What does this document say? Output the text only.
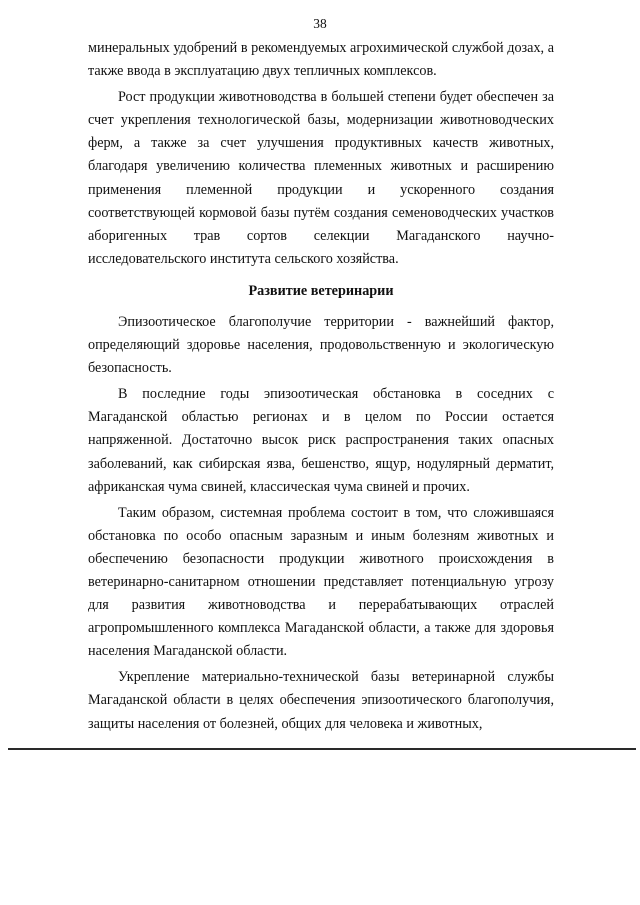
38

минеральных удобрений в рекомендуемых агрохимической службой дозах, а также ввода в эксплуатацию двух тепличных комплексов.

Рост продукции животноводства в большей степени будет обеспечен за счет укрепления технологической базы, модернизации животноводческих ферм, а также за счет улучшения продуктивных качеств животных, благодаря увеличению количества племенных животных и расширению применения племенной продукции и ускоренного создания соответствующей кормовой базы путём создания семеноводческих участков аборигенных трав сортов селекции Магаданского научно-исследовательского института сельского хозяйства.

Развитие ветеринарии

Эпизоотическое благополучие территории - важнейший фактор, определяющий здоровье населения, продовольственную и экологическую безопасность.

В последние годы эпизоотическая обстановка в соседних с Магаданской областью регионах и в целом по России остается напряженной. Достаточно высок риск распространения таких опасных заболеваний, как сибирская язва, бешенство, ящур, нодулярный дерматит, африканская чума свиней, классическая чума свиней и прочих.

Таким образом, системная проблема состоит в том, что сложившаяся обстановка по особо опасным заразным и иным болезням животных и обеспечению безопасности продукции животного происхождения в ветеринарно-санитарном отношении представляет потенциальную угрозу для развития животноводства и перерабатывающих отраслей агропромышленного комплекса Магаданской области, а также для здоровья населения Магаданской области.

Укрепление материально-технической базы ветеринарной службы Магаданской области в целях обеспечения эпизоотического благополучия, защиты населения от болезней, общих для человека и животных,
